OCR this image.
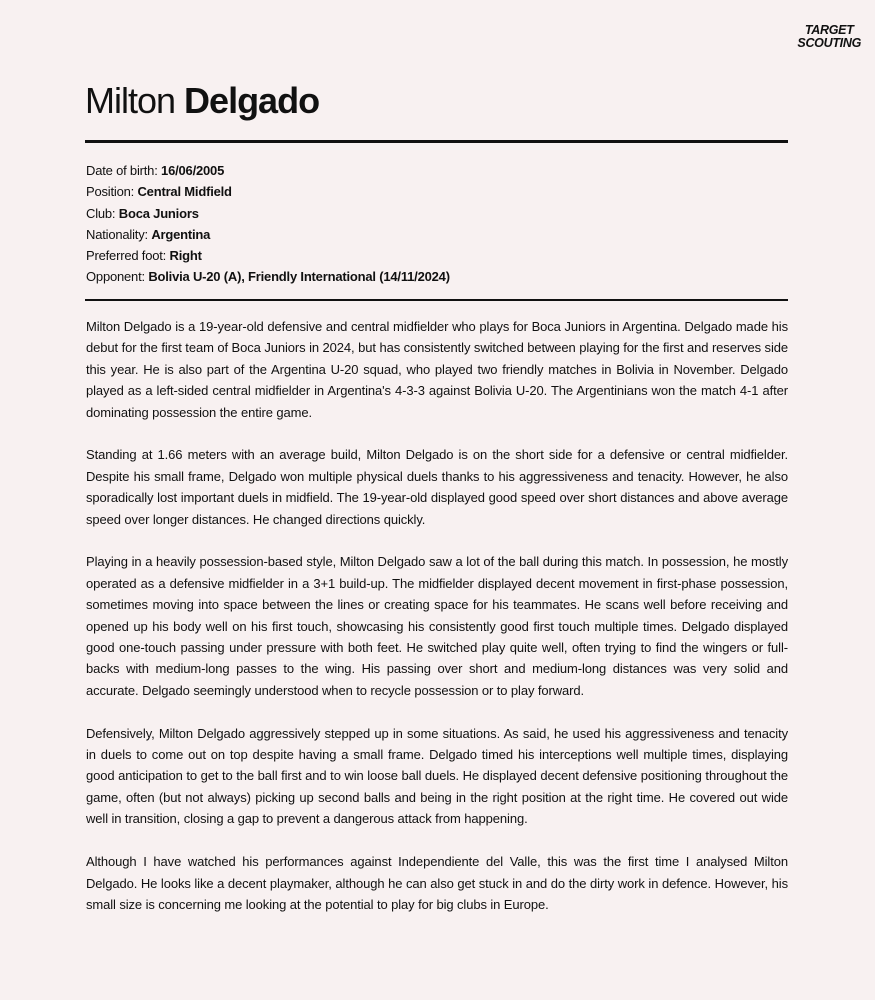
TARGET
SCOUTING
Milton Delgado
Date of birth: 16/06/2005
Position: Central Midfield
Club: Boca Juniors
Nationality: Argentina
Preferred foot: Right
Opponent: Bolivia U-20 (A), Friendly International (14/11/2024)

Milton Delgado is a 19-year-old defensive and central midfielder who plays for Boca Juniors in Argentina. Delgado made his debut for the first team of Boca Juniors in 2024, but has consistently switched between playing for the first and reserves side this year. He is also part of the Argentina U-20 squad, who played two friendly matches in Bolivia in November. Delgado played as a left-sided central midfielder in Argentina's 4-3-3 against Bolivia U-20. The Argentinians won the match 4-1 after dominating possession the entire game.

Standing at 1.66 meters with an average build, Milton Delgado is on the short side for a defensive or central midfielder. Despite his small frame, Delgado won multiple physical duels thanks to his aggressiveness and tenacity. However, he also sporadically lost important duels in midfield. The 19-year-old displayed good speed over short distances and above average speed over longer distances. He changed directions quickly.

Playing in a heavily possession-based style, Milton Delgado saw a lot of the ball during this match. In possession, he mostly operated as a defensive midfielder in a 3+1 build-up. The midfielder displayed decent movement in first-phase possession, sometimes moving into space between the lines or creating space for his teammates. He scans well before receiving and opened up his body well on his first touch, showcasing his consistently good first touch multiple times. Delgado displayed good one-touch passing under pressure with both feet. He switched play quite well, often trying to find the wingers or full-backs with medium-long passes to the wing. His passing over short and medium-long distances was very solid and accurate. Delgado seemingly understood when to recycle possession or to play forward.

Defensively, Milton Delgado aggressively stepped up in some situations. As said, he used his aggressiveness and tenacity in duels to come out on top despite having a small frame. Delgado timed his interceptions well multiple times, displaying good anticipation to get to the ball first and to win loose ball duels. He displayed decent defensive positioning throughout the game, often (but not always) picking up second balls and being in the right position at the right time. He covered out wide well in transition, closing a gap to prevent a dangerous attack from happening.

Although I have watched his performances against Independiente del Valle, this was the first time I analysed Milton Delgado. He looks like a decent playmaker, although he can also get stuck in and do the dirty work in defence. However, his small size is concerning me looking at the potential to play for big clubs in Europe.
